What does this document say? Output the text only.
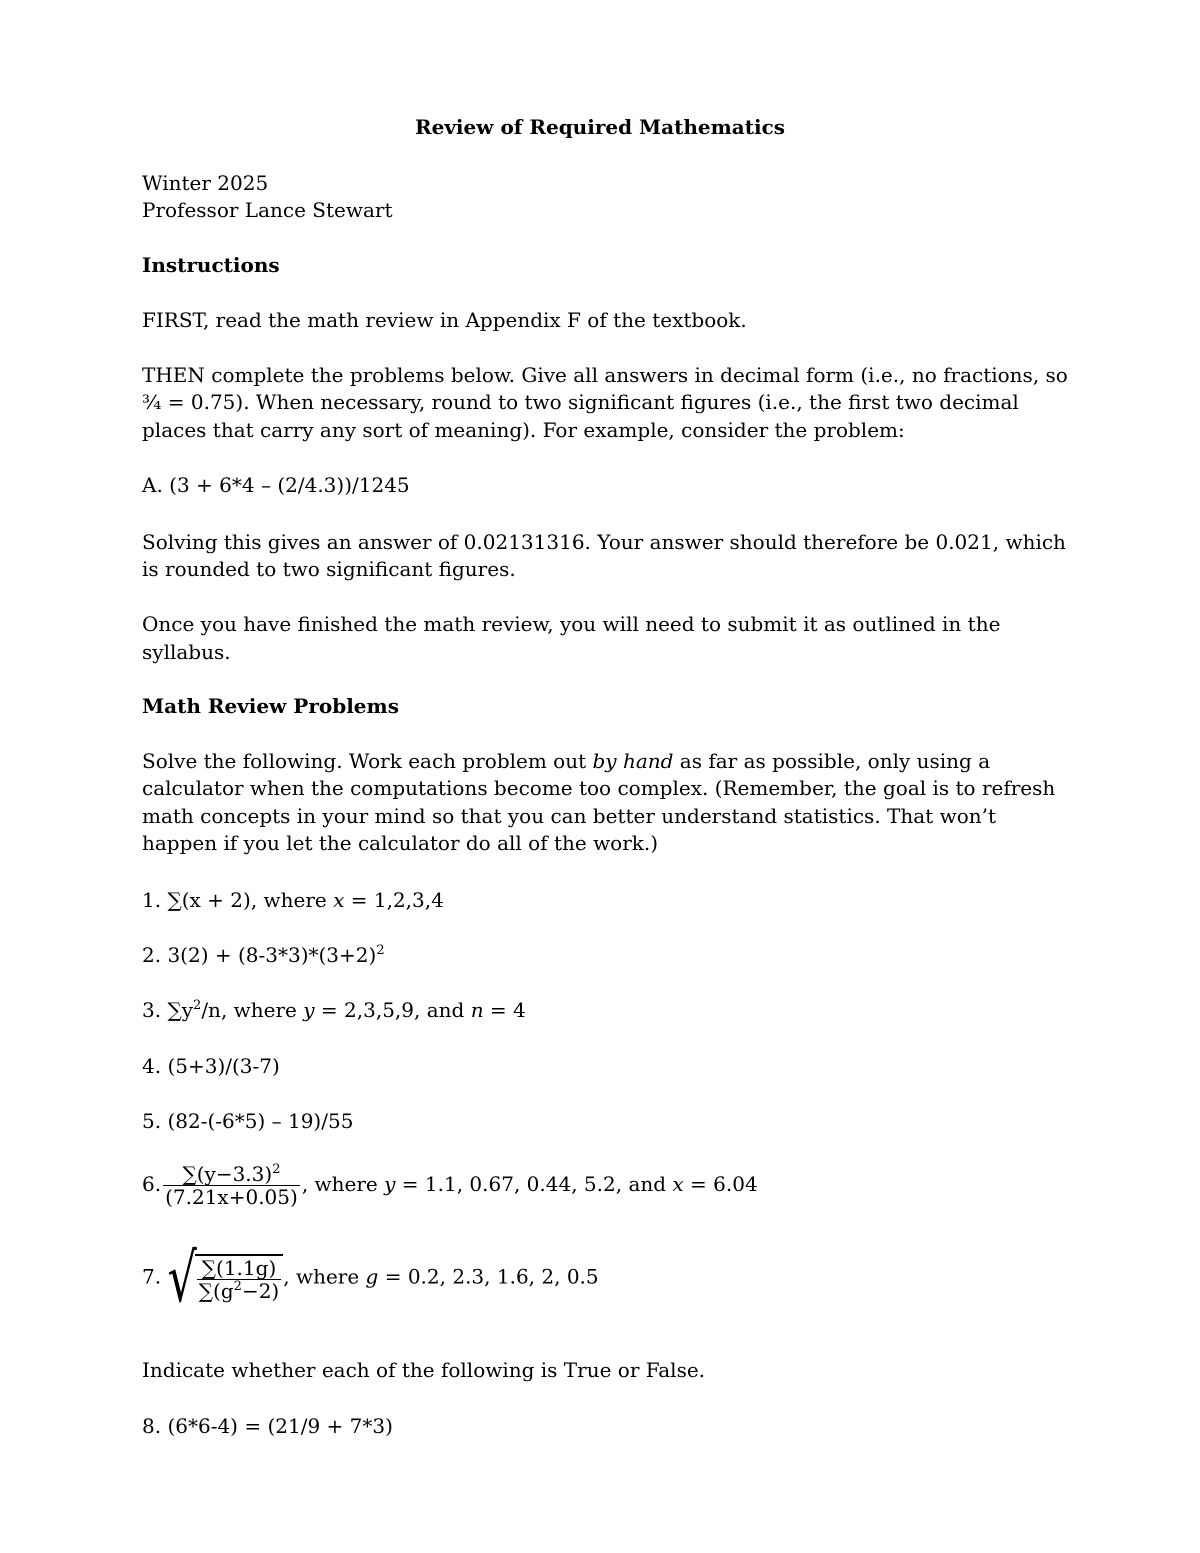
Review of Required Mathematics
Winter 2025
Professor Lance Stewart
Instructions
FIRST, read the math review in Appendix F of the textbook.
THEN complete the problems below. Give all answers in decimal form (i.e., no fractions, so
¾ = 0.75). When necessary, round to two significant figures (i.e., the first two decimal
places that carry any sort of meaning). For example, consider the problem:
A. (3 + 6*4 – (2/4.3))/1245
Solving this gives an answer of 0.02131316. Your answer should therefore be 0.021, which
is rounded to two significant figures.
Once you have finished the math review, you will need to submit it as outlined in the
syllabus.
Math Review Problems
Solve the following. Work each problem out by hand as far as possible, only using a
calculator when the computations become too complex. (Remember, the goal is to refresh
math concepts in your mind so that you can better understand statistics. That won’t
happen if you let the calculator do all of the work.)
1. ∑(x + 2), where x = 1,2,3,4
2. $3(2) + (8-3*3)*(3+2)^2$
3. $\sum y^2/n$, where y = 2,3,5,9, and n = 4
4. (5+3)/(3-7)
5. (82-(-6*5) – 19)/55
6. $\frac{\sum(y-3.3)^2}{(7.21x+0.05)}$ , where y = 1.1, 0.67, 0.44, 5.2, and x = 6.04
7. √ $\frac{\sum(1.1g)}{\sum(g^2-2)}$ , where g = 0.2, 2.3, 1.6, 2, 0.5
Indicate whether each of the following is True or False.
8. (6*6-4) = (21/9 + 7*3)
